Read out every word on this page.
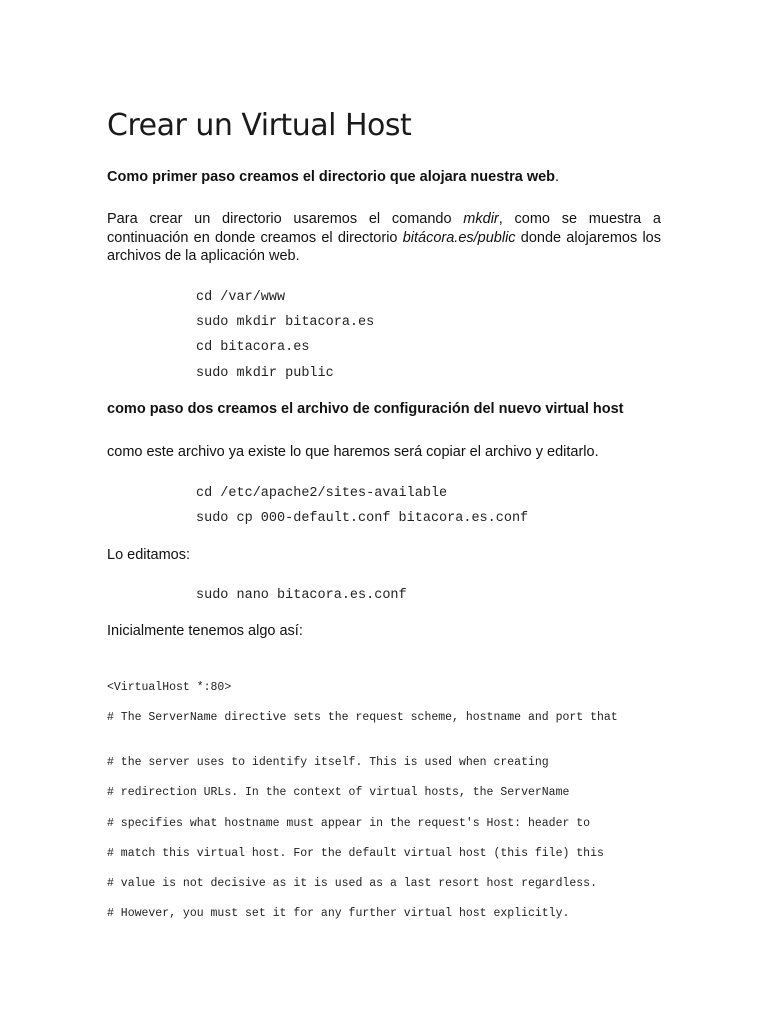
Crear un Virtual Host

Como primer paso creamos el directorio que alojara nuestra web.

Para crear un directorio usaremos el comando mkdir, como se muestra a continuación en donde creamos el directorio bitácora.es/public donde alojaremos los archivos de la aplicación web.

cd /var/www
sudo mkdir bitacora.es
cd bitacora.es
sudo mkdir public

como paso dos creamos el archivo de configuración del nuevo virtual host

como este archivo ya existe lo que haremos será copiar el archivo y editarlo.

cd /etc/apache2/sites-available
sudo cp 000-default.conf bitacora.es.conf

Lo editamos:

sudo nano bitacora.es.conf

Inicialmente tenemos algo así:

<VirtualHost *:80>
# The ServerName directive sets the request scheme, hostname and port that
# the server uses to identify itself. This is used when creating
# redirection URLs. In the context of virtual hosts, the ServerName
# specifies what hostname must appear in the request's Host: header to
# match this virtual host. For the default virtual host (this file) this
# value is not decisive as it is used as a last resort host regardless.
# However, you must set it for any further virtual host explicitly.
